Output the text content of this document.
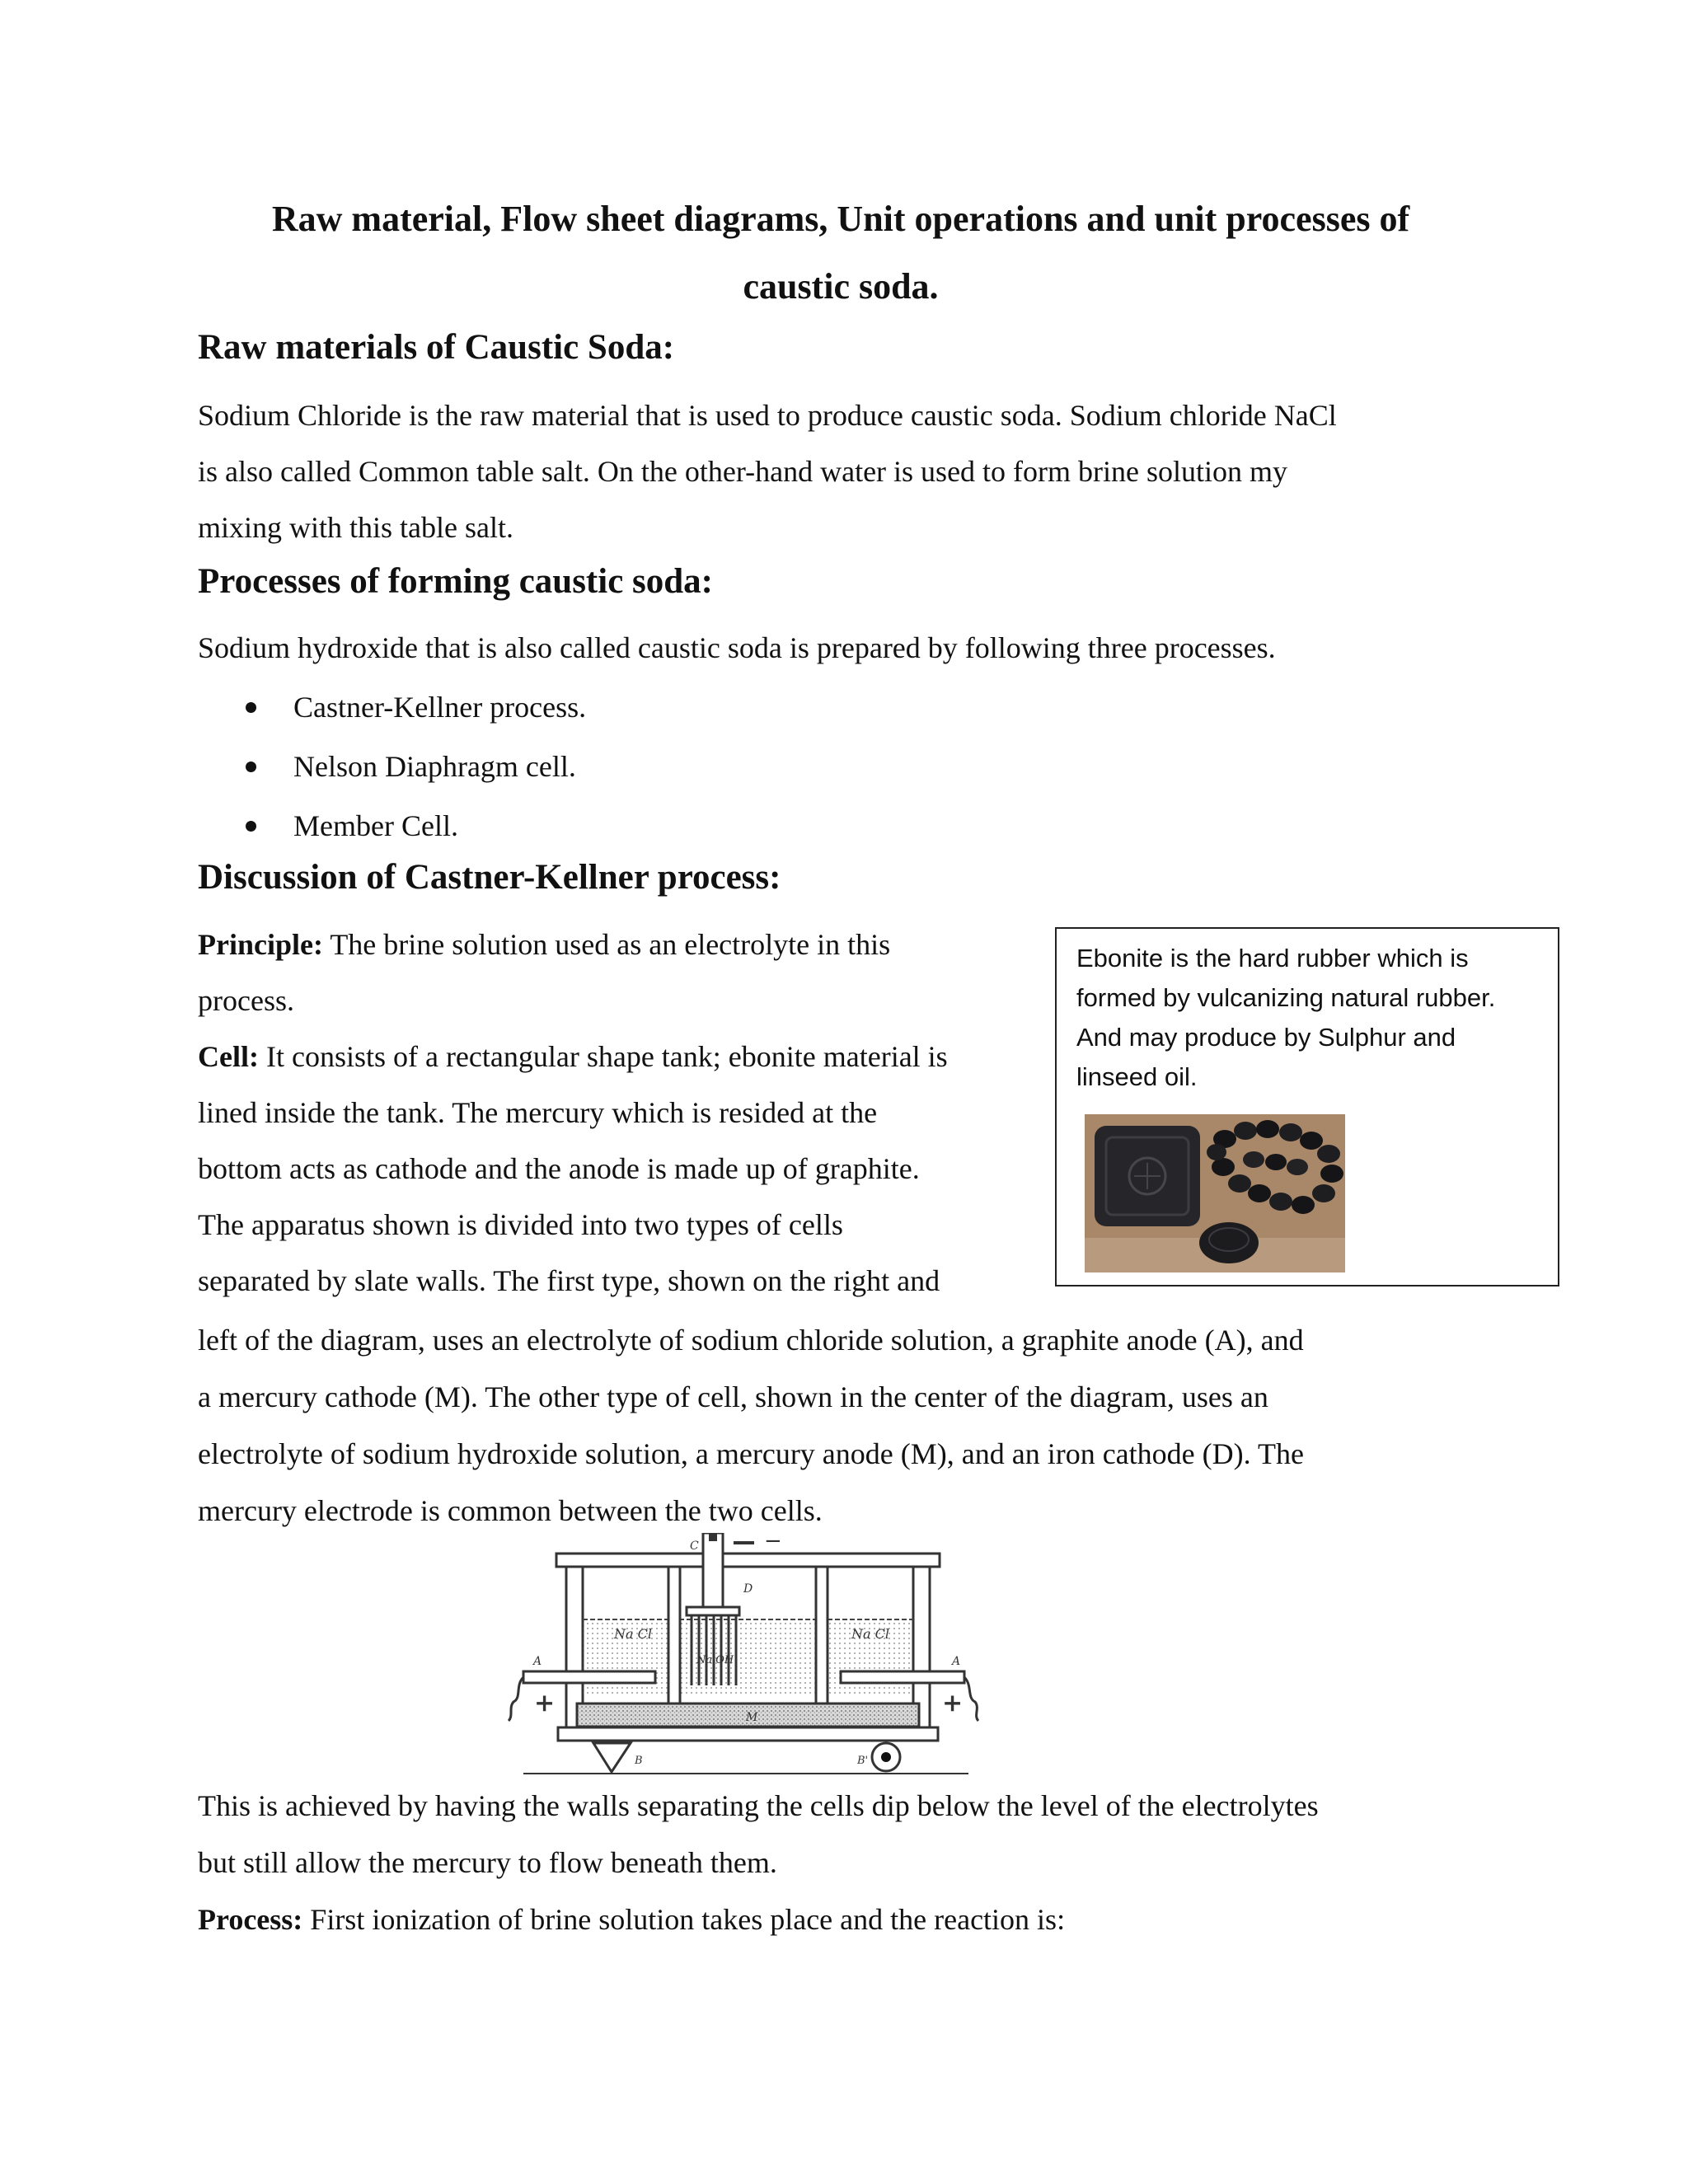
Raw material, Flow sheet diagrams, Unit operations and unit processes of
caustic soda.
Raw materials of Caustic Soda:
Sodium Chloride is the raw material that is used to produce caustic soda. Sodium chloride NaCl
is also called Common table salt. On the other-hand water is used to form brine solution my
mixing with this table salt.
Processes of forming caustic soda:
Sodium hydroxide that is also called caustic soda is prepared by following three processes.
Castner-Kellner process.
Nelson Diaphragm cell.
Member Cell.
Discussion of Castner-Kellner process:
Principle: The brine solution used as an electrolyte in this
process.
Cell: It consists of a rectangular shape tank; ebonite material is
lined inside the tank. The mercury which is resided at the
bottom acts as cathode and the anode is made up of graphite.
The apparatus shown is divided into two types of cells
separated by slate walls. The first type, shown on the right and
Ebonite is the hard rubber which is
formed by vulcanizing natural rubber.
And may produce by Sulphur and
linseed oil.
left of the diagram, uses an electrolyte of sodium chloride solution, a graphite anode (A), and
a mercury cathode (M). The other type of cell, shown in the center of the diagram, uses an
electrolyte of sodium hydroxide solution, a mercury anode (M), and an iron cathode (D). The
mercury electrode is common between the two cells.
C	−
D
Na Cl	Na Cl
Na OH
M
A	A
+	+
B	B'
This is achieved by having the walls separating the cells dip below the level of the electrolytes
but still allow the mercury to flow beneath them.
Process: First ionization of brine solution takes place and the reaction is:
